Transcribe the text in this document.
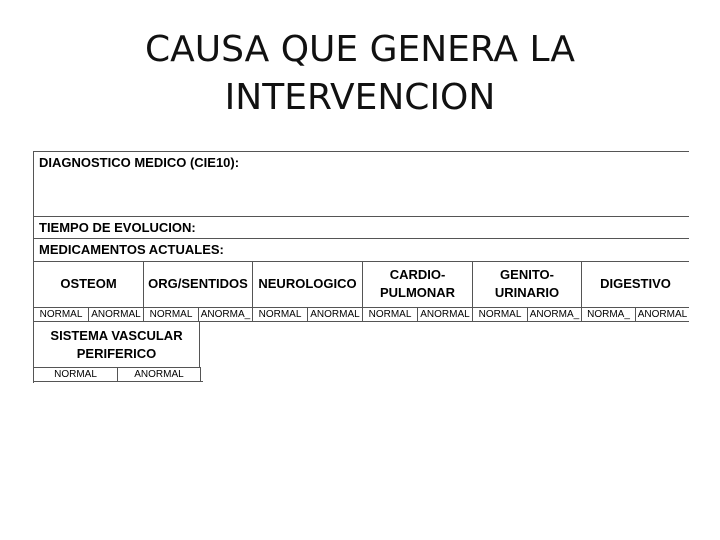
CAUSA QUE GENERA LA
INTERVENCION
DIAGNOSTICO MEDICO (CIE10):
TIEMPO DE EVOLUCION:
MEDICAMENTOS ACTUALES:
OSTEOM
NORMAL ANORMAL
ORG/SENTIDOS
NORMAL ANORMA_
NEUROLOGICO
NORMAL ANORMAL
CARDIO-
PULMONAR
NORMAL ANORMAL
GENITO-
URINARIO
NORMAL ANORMA_
DIGESTIVO
NORMA_ ANORMAL
SISTEMA VASCULAR
PERIFERICO
NORMAL	ANORMAL
